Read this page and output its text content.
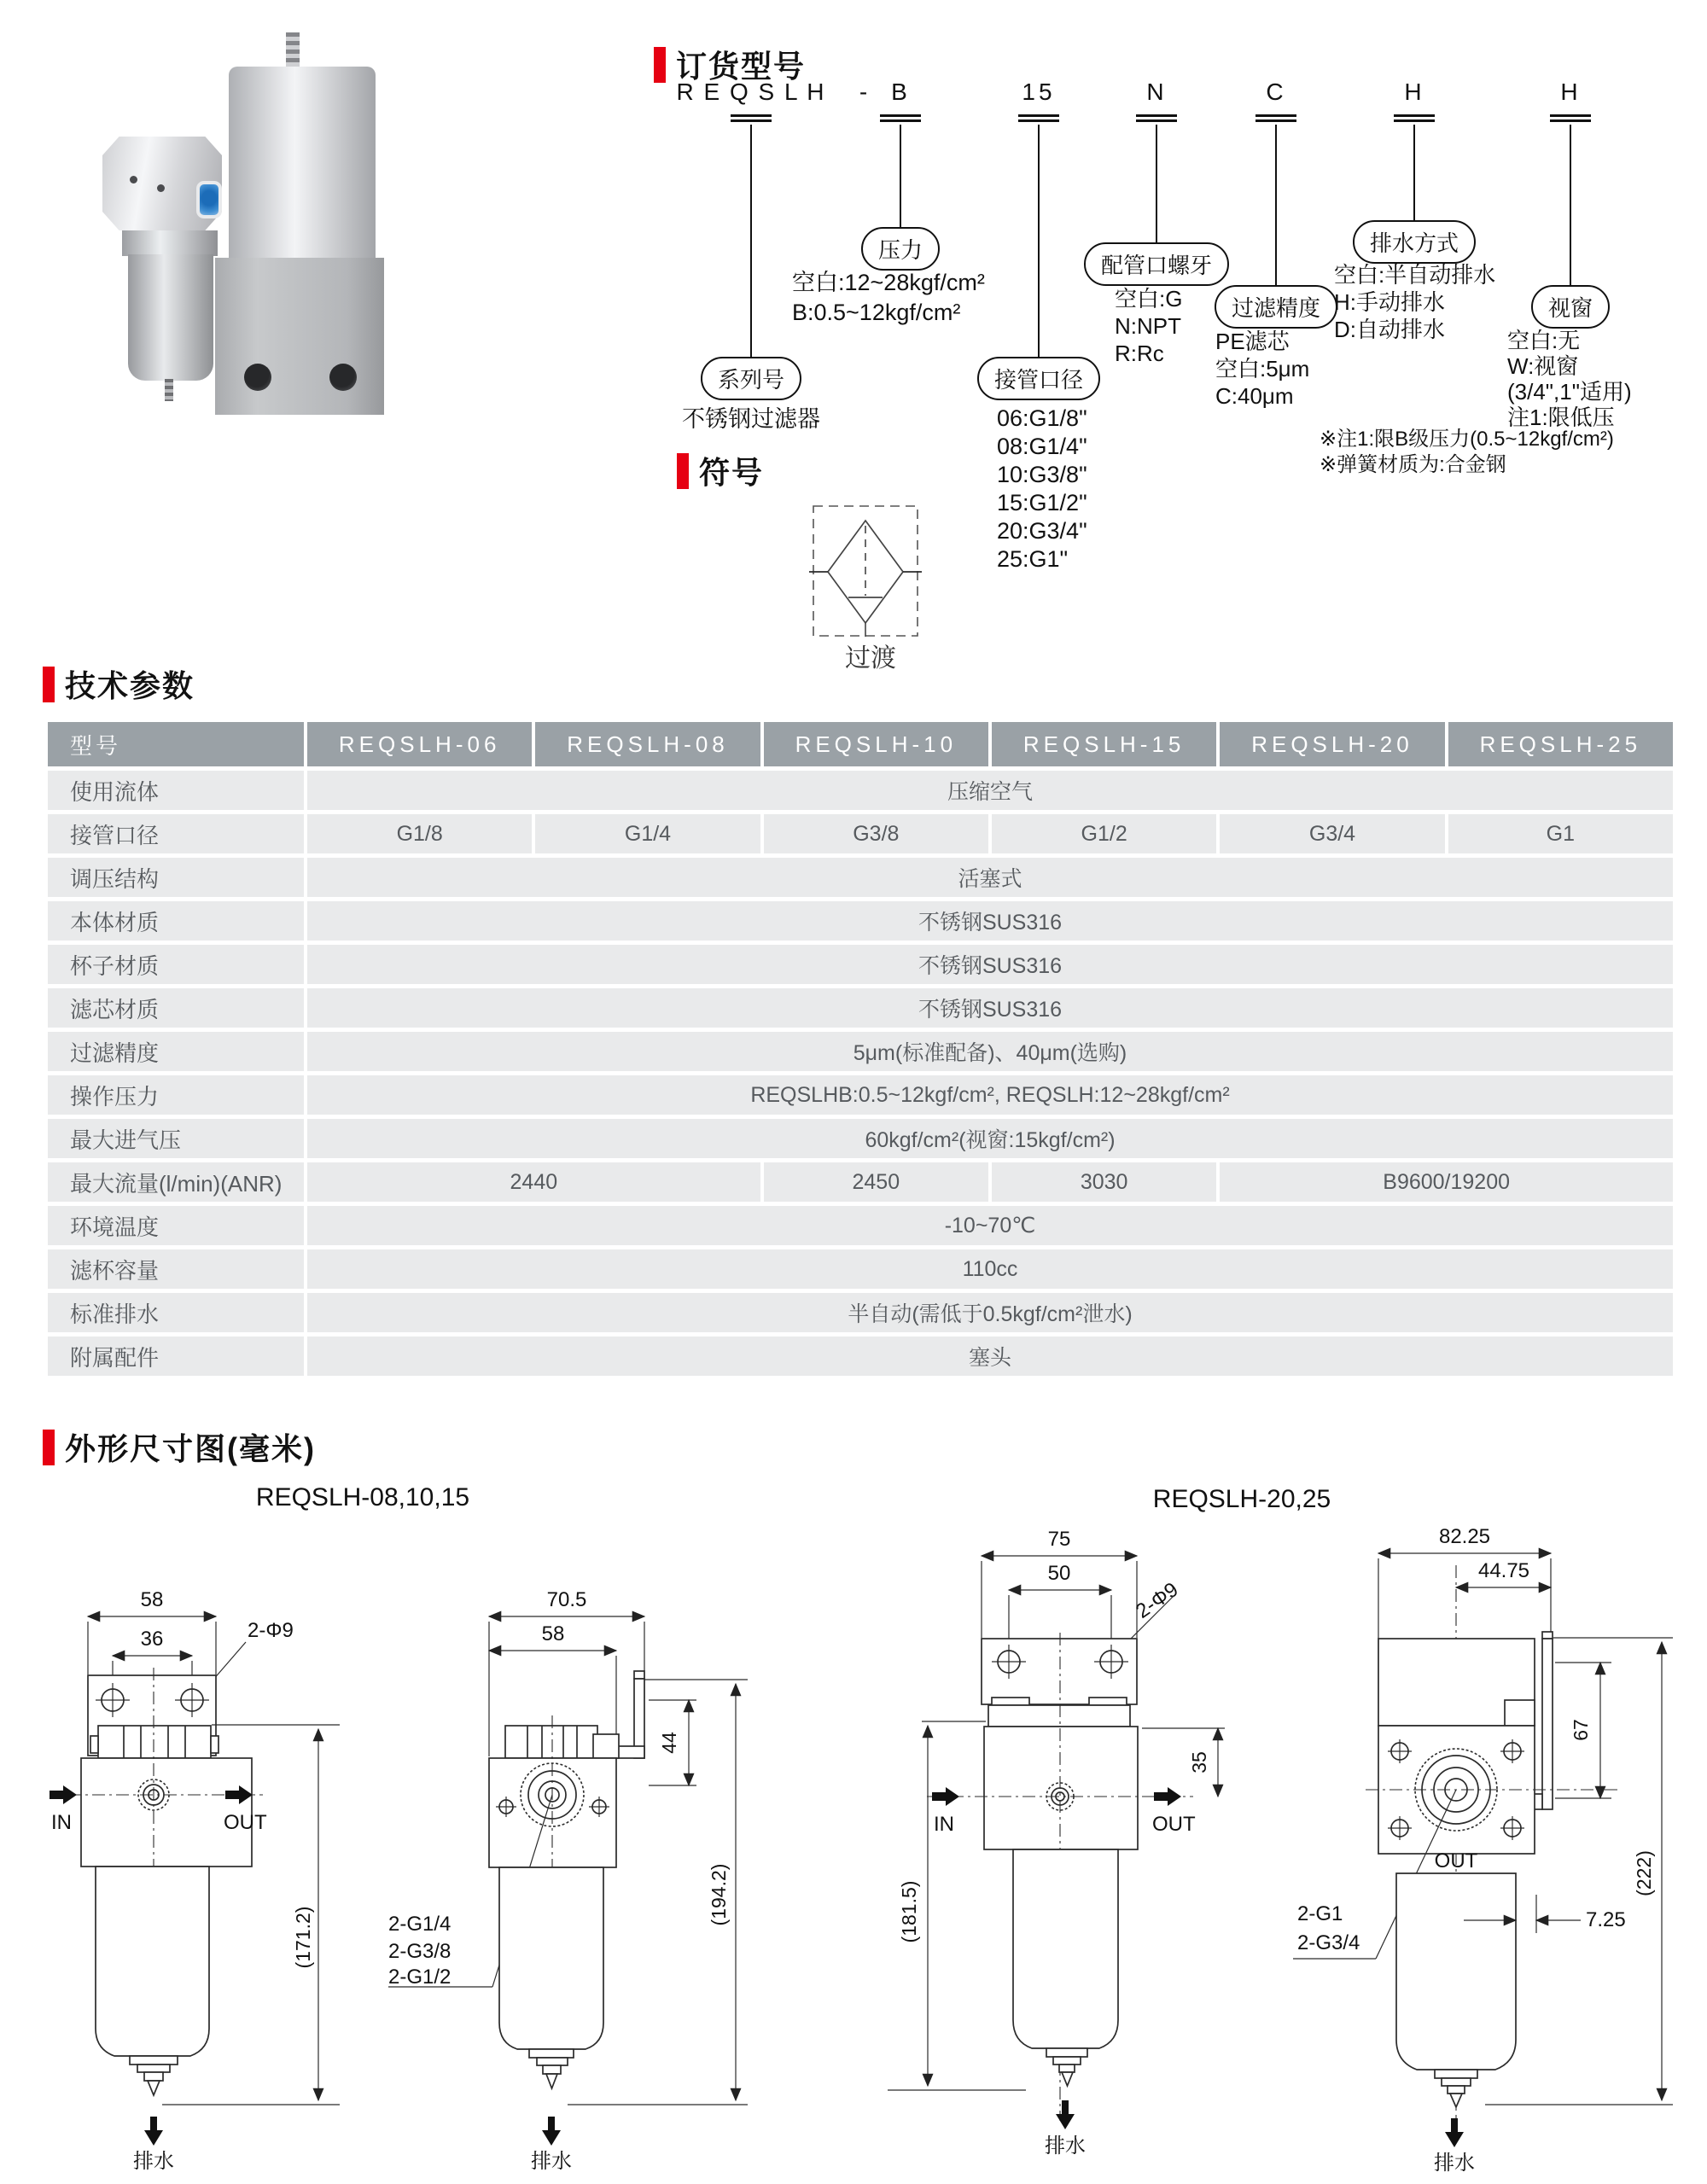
订货型号
-
R E Q S L H
系列号
不锈钢过滤器
B
压力
空白:12~28kgf/cm²
B:0.5~12kgf/cm²
15
接管口径
06:G1/8"
08:G1/4"
10:G3/8"
15:G1/2"
20:G3/4"
25:G1"
N
配管口螺牙
空白:G
N:NPT
R:Rc
C
过滤精度
PE滤芯
空白:5μm
C:40μm
H
排水方式
空白:半自动排水
H:手动排水
D:自动排水
H
视窗
空白:无
W:视窗
(3/4",1"适用)
注1:限低压
※注1:限B级压力(0.5~12kgf/cm²)
※弹簧材质为:合金钢
符号
过渡
技术参数
型号	REQSLH-06	REQSLH-08	REQSLH-10	REQSLH-15	REQSLH-20	REQSLH-25
使用流体	压缩空气					
接管口径	G1/8	G1/4	G3/8	G1/2	G3/4	G1
调压结构	活塞式					
本体材质	不锈钢SUS316					
杯子材质	不锈钢SUS316					
滤芯材质	不锈钢SUS316					
过滤精度	5μm(标准配备)、40μm(选购)					
操作压力	REQSLHB:0.5~12kgf/cm², REQSLH:12~28kgf/cm²					
最大进气压	60kgf/cm²(视窗:15kgf/cm²)					
最大流量(l/min)(ANR)	2440		2450	3030	B9600/19200	
环境温度	-10~70℃					
滤杯容量	110cc					
标准排水	半自动(需低于0.5kgf/cm²泄水)					
附属配件	塞头					
外形尺寸图(毫米)
REQSLH-08,10,15	REQSLH-20,25
58
36	2-Φ9
IN	OUT
(171.2)
排水
70.5
58
44
(194.2)
2-G1/4
2-G3/8
2-G1/2
排水
75
50
2-Φ9
IN	OUT
35
(181.5)
排水
82.25
44.75
67
(222)
OUT
2-G1
2-G3/4
7.25
排水
